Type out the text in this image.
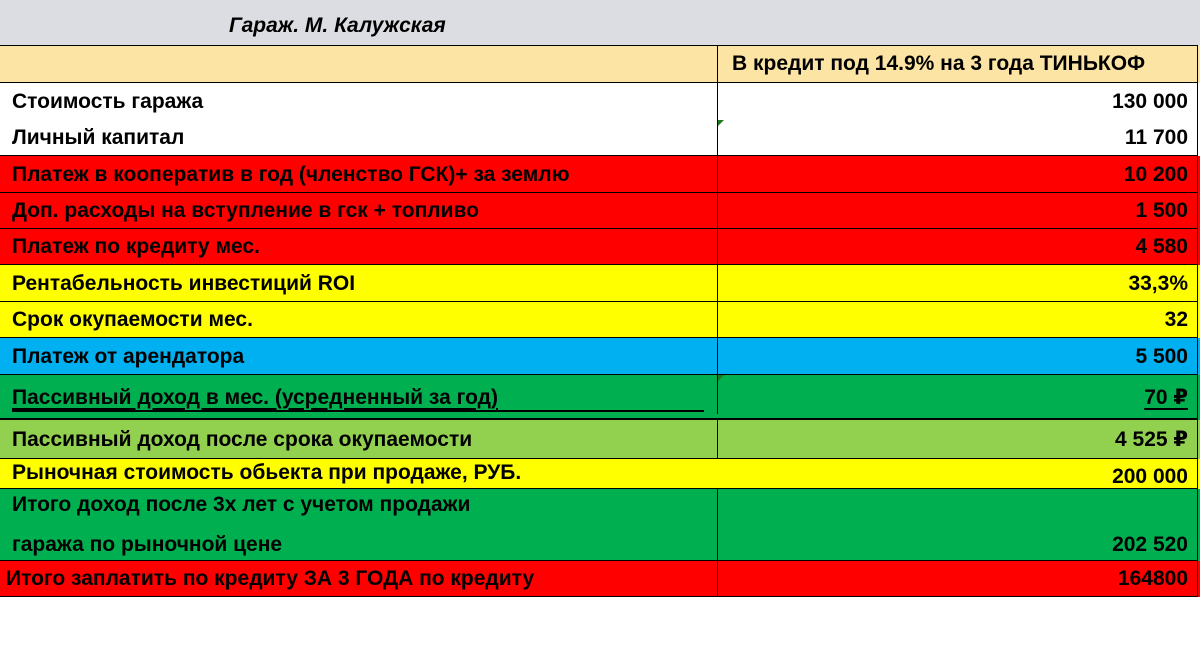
Гараж. М. Калужская
В кредит под 14.9% на 3 года ТИНЬКОФ
Стоимость гаража	130 000
Личный капитал	11 700
Платеж в кооператив в год (членство ГСК)+ за землю	10 200
Доп. расходы на вступление в гск + топливо	1 500
Платеж по кредиту мес.	4 580
Рентабельность инвестиций ROI	33,3%
Срок окупаемости мес.	32
Платеж от арендатора	5 500
Пассивный доход в мес. (усредненный за год)	70 ₽
Пассивный доход после срока окупаемости	4 525 ₽
Рыночная стоимость обьекта при продаже, РУБ.	200 000
Итого доход после 3х лет с учетом продажи
гаража по рыночной цене	202 520
Итого заплатить по кредиту ЗА 3 ГОДА по кредиту	164800
